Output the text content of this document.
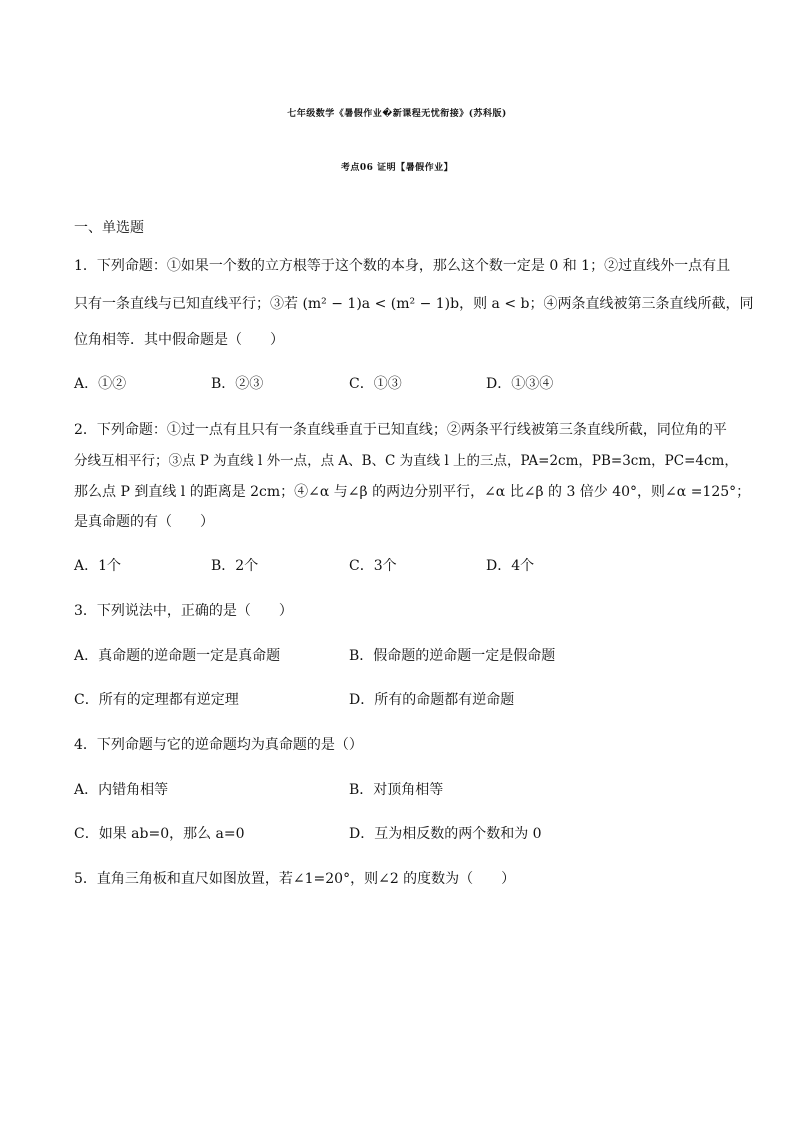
七年级数学《暑假作业�新课程无忧衔接》(苏科版)
考点06 证明【暑假作业】
一、单选题
1．下列命题：①如果一个数的立方根等于这个数的本身，那么这个数一定是 0 和 1；②过直线外一点有且
只有一条直线与已知直线平行；③若 (m² − 1)a < (m² − 1)b，则 a < b；④两条直线被第三条直线所截，同
位角相等．其中假命题是（　　）
A．①②	B．②③	C．①③	D．①③④
2．下列命题：①过一点有且只有一条直线垂直于已知直线；②两条平行线被第三条直线所截，同位角的平
分线互相平行；③点 P 为直线 l 外一点，点 A、B、C 为直线 l 上的三点，PA=2cm，PB=3cm，PC=4cm，
那么点 P 到直线 l 的距离是 2cm；④∠α 与∠β 的两边分别平行，∠α 比∠β 的 3 倍少 40°，则∠α =125°；
是真命题的有（　　）
A．1个	B．2个	C．3个	D．4个
3．下列说法中，正确的是（　　）
A．真命题的逆命题一定是真命题	B．假命题的逆命题一定是假命题
C．所有的定理都有逆定理	D．所有的命题都有逆命题
4．下列命题与它的逆命题均为真命题的是（）
A．内错角相等	B．对顶角相等
C．如果 ab=0，那么 a=0	D．互为相反数的两个数和为 0
5．直角三角板和直尺如图放置，若∠1=20°，则∠2 的度数为（　　）
